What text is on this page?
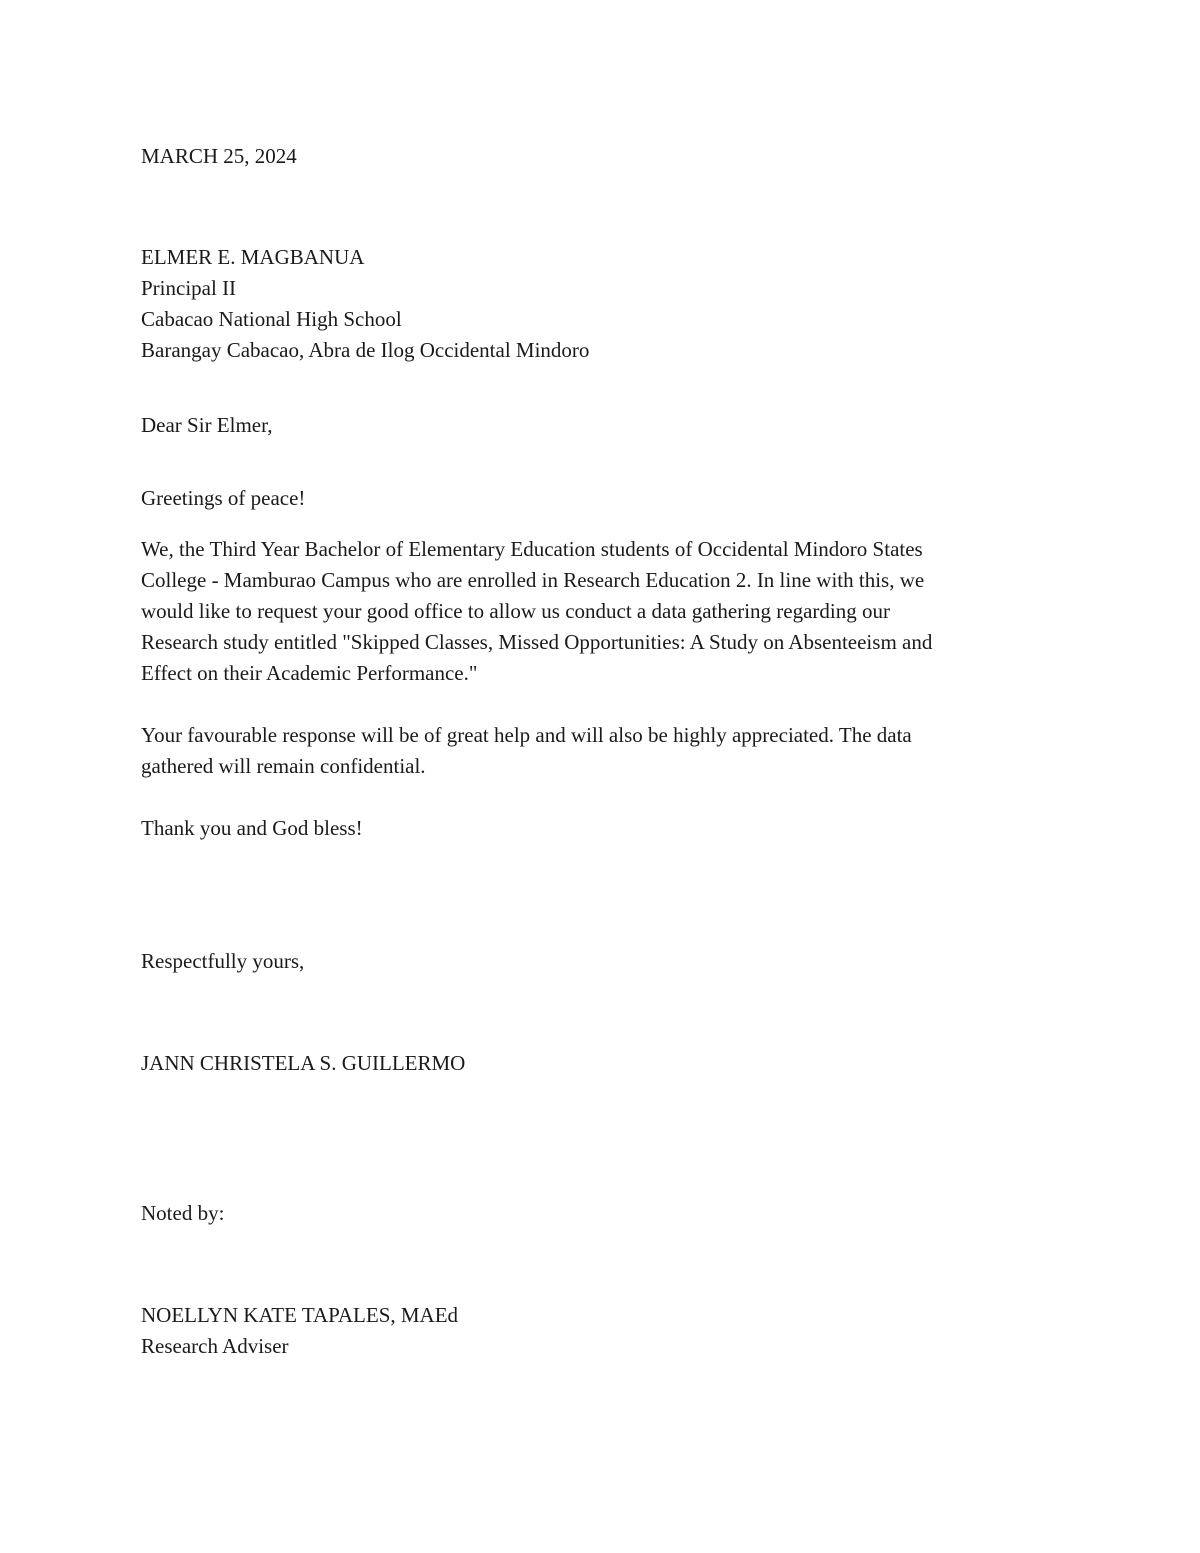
MARCH 25, 2024
ELMER E. MAGBANUA
Principal II
Cabacao National High School
Barangay Cabacao, Abra de Ilog Occidental Mindoro
Dear Sir Elmer,
Greetings of peace!
We, the Third Year Bachelor of Elementary Education students of Occidental Mindoro States
College - Mamburao Campus who are enrolled in Research Education 2. In line with this, we
would like to request your good office to allow us conduct a data gathering regarding our
Research study entitled "Skipped Classes, Missed Opportunities: A Study on Absenteeism and
Effect on their Academic Performance."
Your favourable response will be of great help and will also be highly appreciated. The data
gathered will remain confidential.
Thank you and God bless!
Respectfully yours,
JANN CHRISTELA S. GUILLERMO
Noted by:
NOELLYN KATE TAPALES, MAEd
Research Adviser
